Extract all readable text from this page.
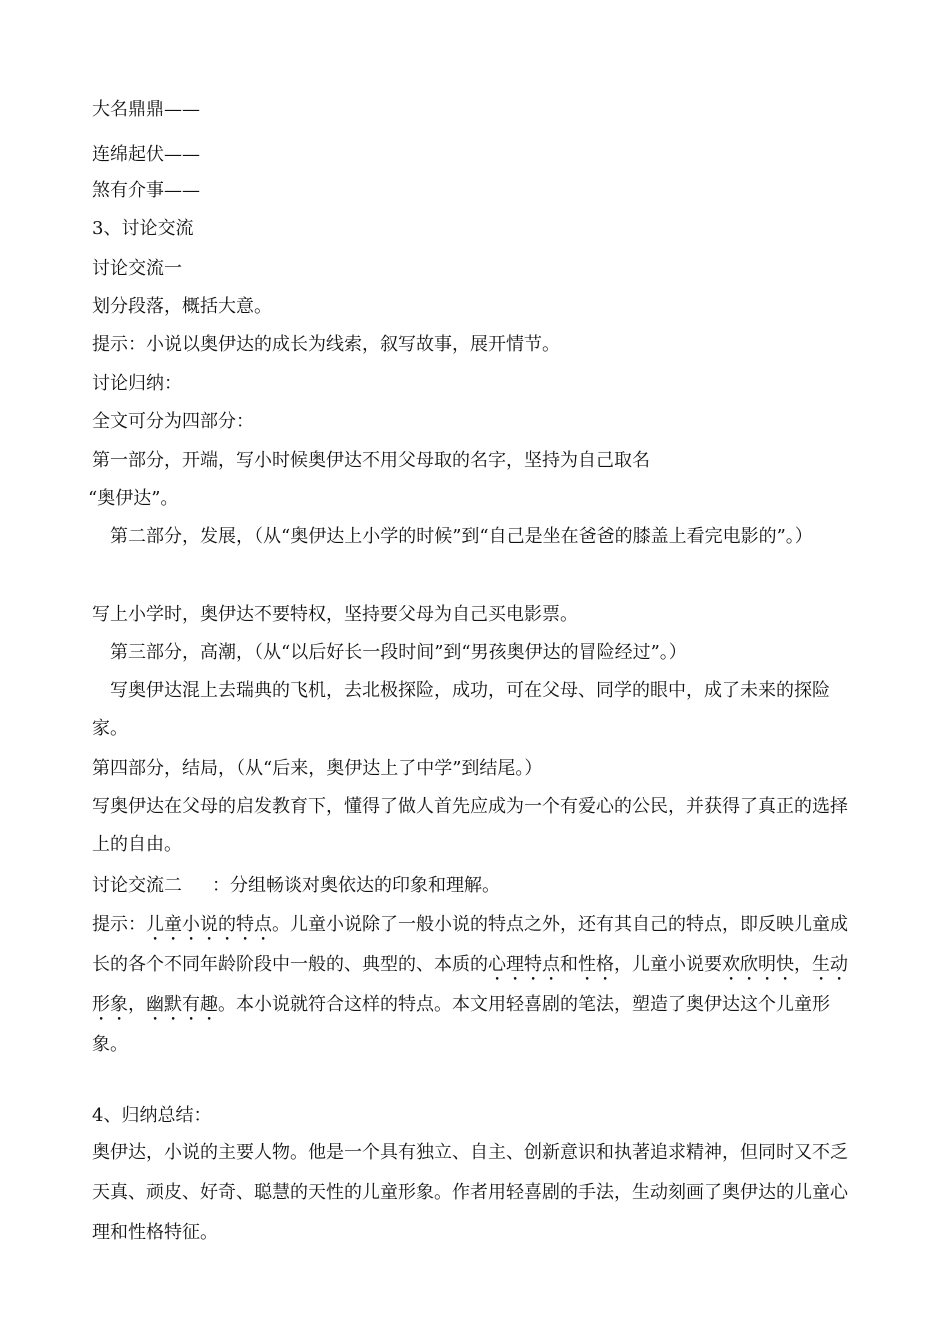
大名鼎鼎——
连绵起伏——
煞有介事——
3、讨论交流
讨论交流一
划分段落，概括大意。
提示：小说以奥伊达的成长为线索，叙写故事，展开情节。
讨论归纳：
全文可分为四部分：
第一部分，开端，写小时候奥伊达不用父母取的名字，坚持为自己取名
“奥伊达”。
第二部分，发展，（从“奥伊达上小学的时候”到“自己是坐在爸爸的膝盖上看完电影的”。）
写上小学时，奥伊达不要特权，坚持要父母为自己买电影票。
第三部分，高潮，（从“以后好长一段时间”到“男孩奥伊达的冒险经过”。）
写奥伊达混上去瑞典的飞机，去北极探险，成功，可在父母、同学的眼中，成了未来的探险家。
第四部分，结局，（从“后来，奥伊达上了中学”到结尾。）
写奥伊达在父母的启发教育下，懂得了做人首先应成为一个有爱心的公民，并获得了真正的选择上的自由。
讨论交流二 ：分组畅谈对奥依达的印象和理解。
提示：儿童小说的特点。儿童小说除了一般小说的特点之外，还有其自己的特点，即反映儿童成长的各个不同年龄阶段中一般的、典型的、本质的心理特点和性格，儿童小说要欢欣明快，生动形象，幽默有趣。本小说就符合这样的特点。本文用轻喜剧的笔法，塑造了奥伊达这个儿童形象。
4、归纳总结：
奥伊达，小说的主要人物。他是一个具有独立、自主、创新意识和执著追求精神，但同时又不乏天真、顽皮、好奇、聪慧的天性的儿童形象。作者用轻喜剧的手法，生动刻画了奥伊达的儿童心理和性格特征。
